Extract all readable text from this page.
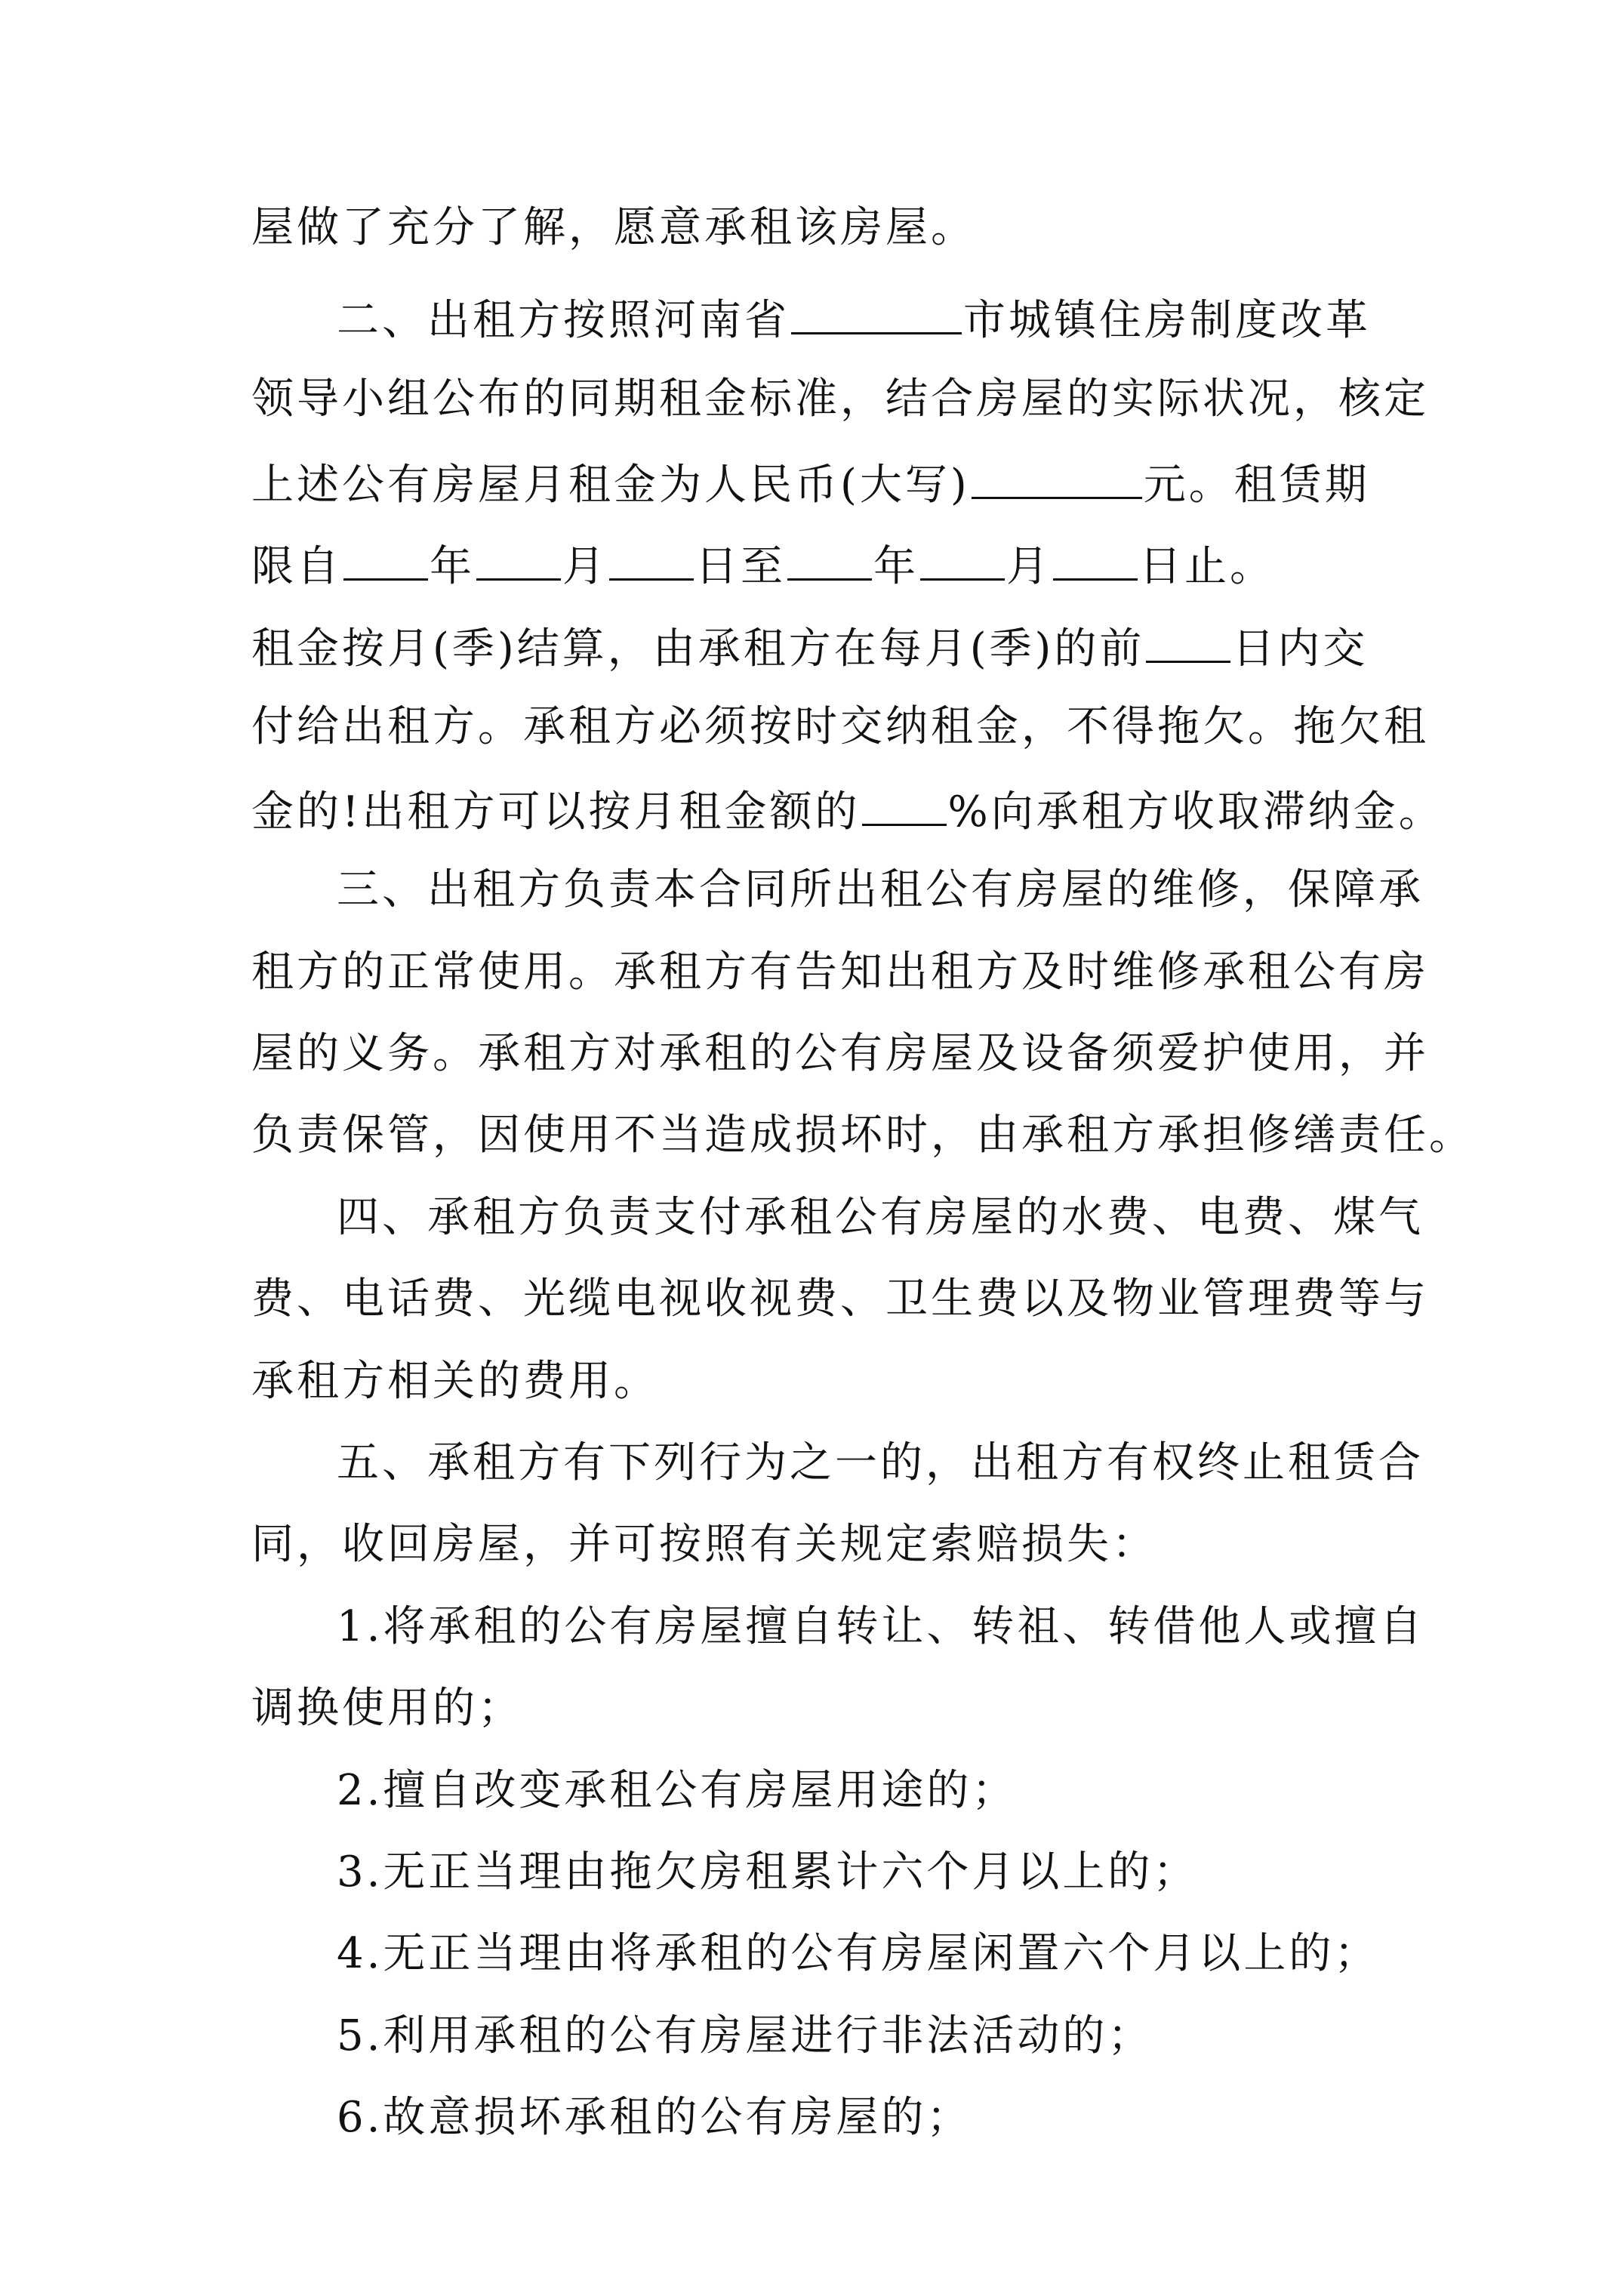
屋做了充分了解，愿意承租该房屋。
二、出租方按照河南省	市城镇住房制度改革
领导小组公布的同期租金标准，结合房屋的实际状况，核定
上述公有房屋月租金为人民币(大写)	元。租赁期
限自 年 月 日至 年 月 日止。
租金按月(季)结算，由承租方在每月(季)的前 日内交
付给出租方。承租方必须按时交纳租金，不得拖欠。拖欠租
金的!出租方可以按月租金额的 %向承租方收取滞纳金。
三、出租方负责本合同所出租公有房屋的维修，保障承
租方的正常使用。承租方有告知出租方及时维修承租公有房
屋的义务。承租方对承租的公有房屋及设备须爱护使用，并
负责保管，因使用不当造成损坏时，由承租方承担修缮责任。
四、承租方负责支付承租公有房屋的水费、电费、煤气
费、电话费、光缆电视收视费、卫生费以及物业管理费等与
承租方相关的费用。
五、承租方有下列行为之一的，出租方有权终止租赁合
同，收回房屋，并可按照有关规定索赔损失：
1.将承租的公有房屋擅自转让、转祖、转借他人或擅自
调换使用的；
2.擅自改变承租公有房屋用途的；
3.无正当理由拖欠房租累计六个月以上的；
4.无正当理由将承租的公有房屋闲置六个月以上的；
5.利用承租的公有房屋进行非法活动的；
6.故意损坏承租的公有房屋的；
